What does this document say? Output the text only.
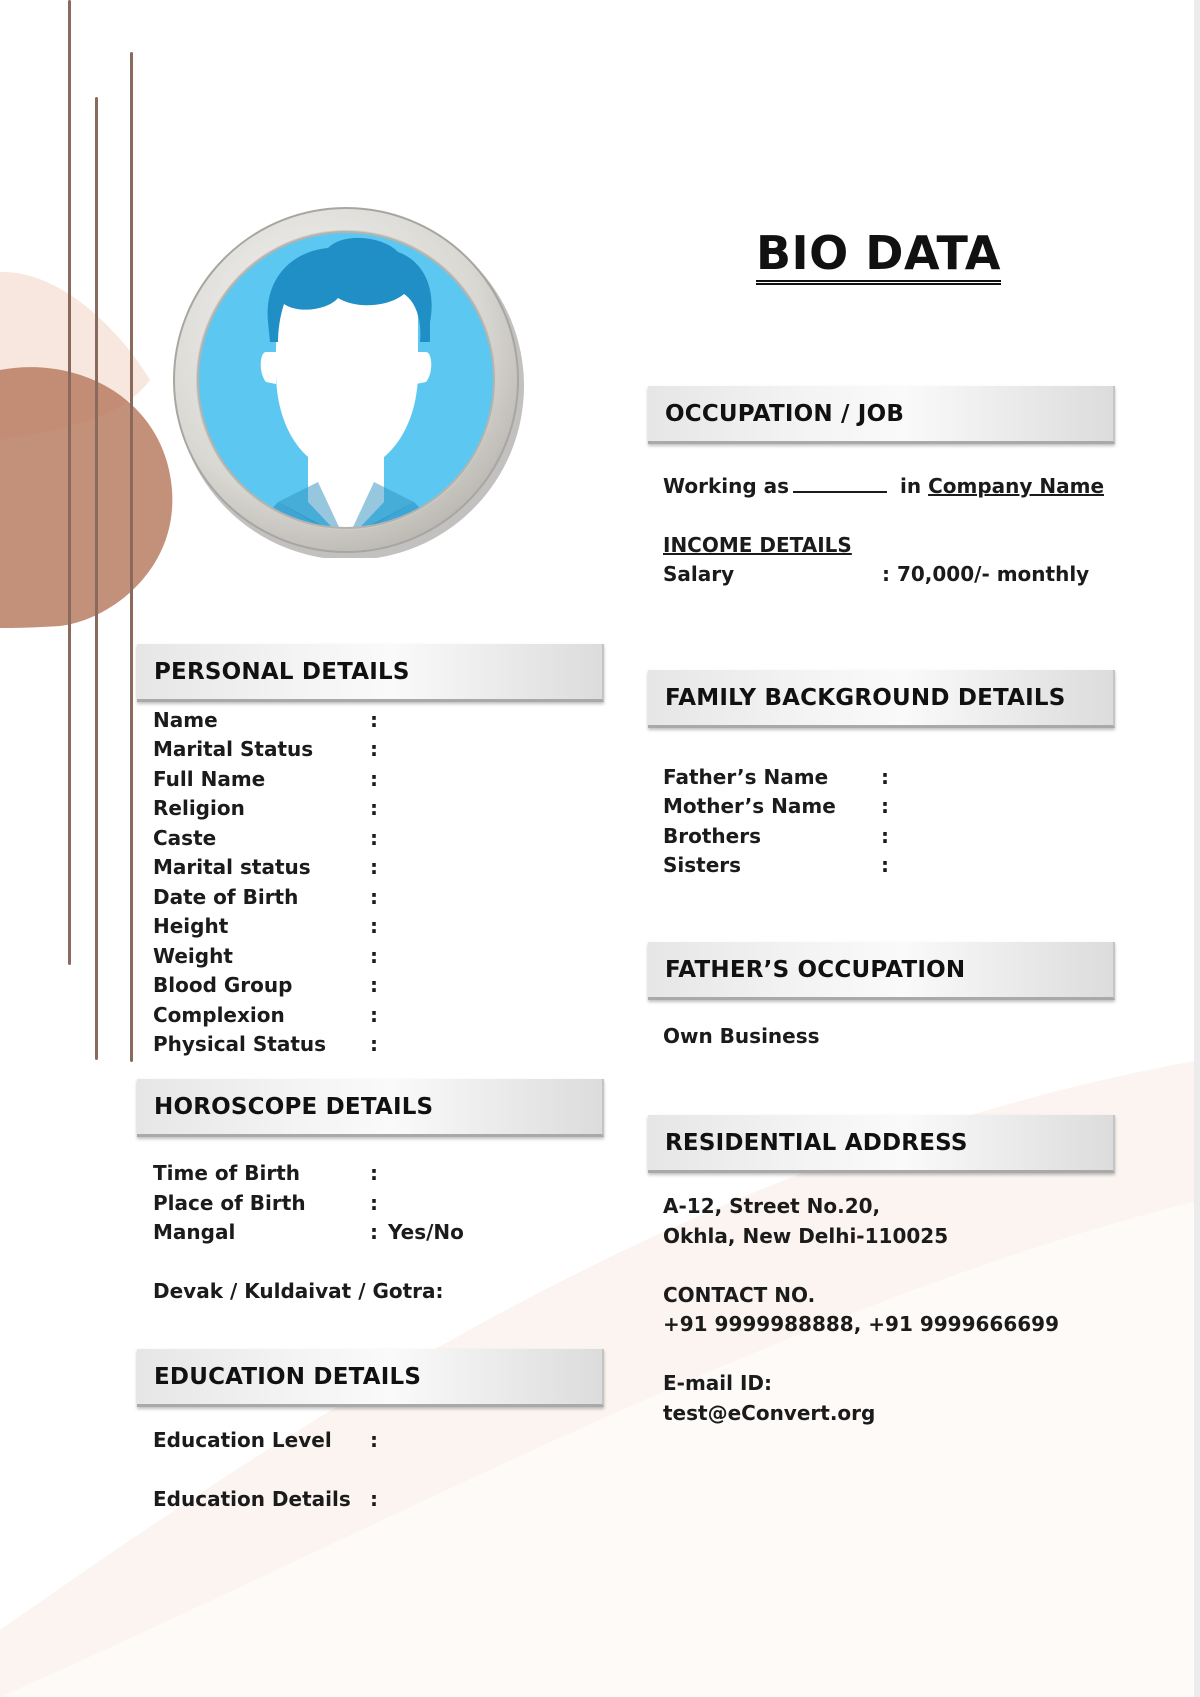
BIO DATA
OCCUPATION / JOB
Working as	in Company Name
INCOME DETAILS
Salary	: 70,000/- monthly
PERSONAL DETAILS
Name	:
Marital Status	:
Full Name	:
Religion	:
Caste	:
Marital status	:
Date of Birth	:
Height	:
Weight	:
Blood Group	:
Complexion	:
Physical Status :
FAMILY BACKGROUND DETAILS
Father’s Name	:
Mother’s Name :
Brothers	:
Sisters	:
FATHER’S OCCUPATION
Own Business
HOROSCOPE DETAILS
Time of Birth	:
Place of Birth	:
Mangal	: Yes/No
Devak / Kuldaivat / Gotra:
RESIDENTIAL ADDRESS
A-12, Street No.20,
Okhla, New Delhi-110025
CONTACT NO.
+91 9999988888, +91 9999666699
E-mail ID:
test@eConvert.org
EDUCATION DETAILS
Education Level :
Education Details :
